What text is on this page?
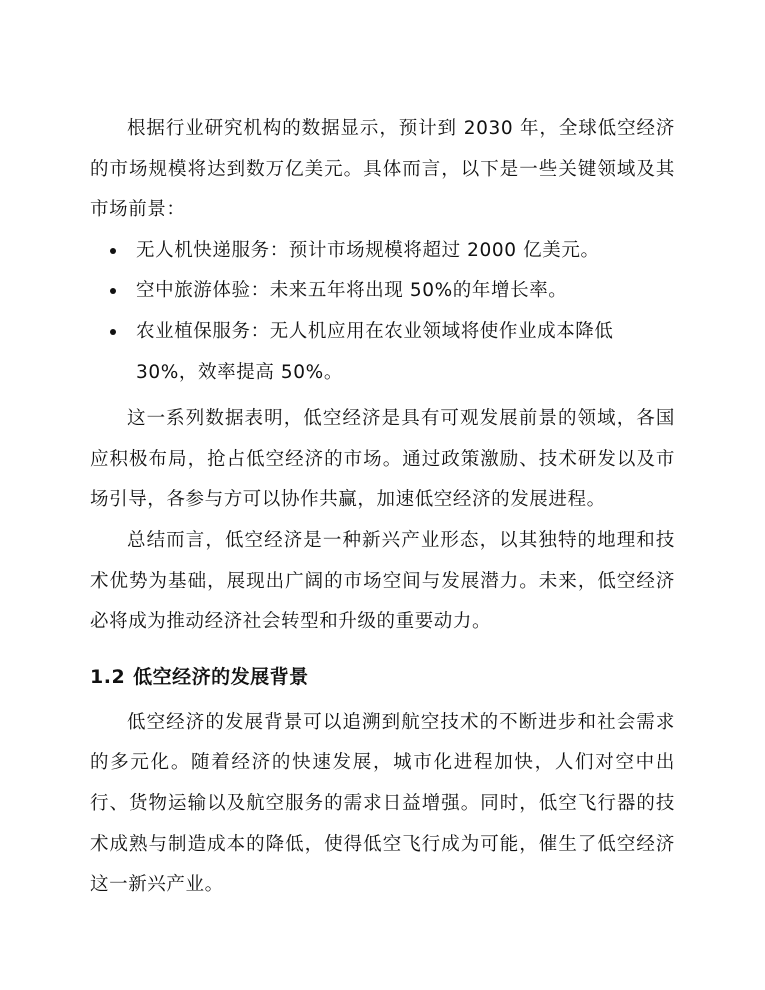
根据行业研究机构的数据显示，预计到 2030 年，全球低空经济的市场规模将达到数万亿美元。具体而言，以下是一些关键领域及其市场前景：

无人机快递服务：预计市场规模将超过 2000 亿美元。
空中旅游体验：未来五年将出现 50%的年增长率。
农业植保服务：无人机应用在农业领域将使作业成本降低30%，效率提高 50%。

这一系列数据表明，低空经济是具有可观发展前景的领域，各国应积极布局，抢占低空经济的市场。通过政策激励、技术研发以及市场引导，各参与方可以协作共赢，加速低空经济的发展进程。

总结而言，低空经济是一种新兴产业形态，以其独特的地理和技术优势为基础，展现出广阔的市场空间与发展潜力。未来，低空经济必将成为推动经济社会转型和升级的重要动力。

1.2 低空经济的发展背景

低空经济的发展背景可以追溯到航空技术的不断进步和社会需求的多元化。随着经济的快速发展，城市化进程加快，人们对空中出行、货物运输以及航空服务的需求日益增强。同时，低空飞行器的技术成熟与制造成本的降低，使得低空飞行成为可能，催生了低空经济这一新兴产业。
